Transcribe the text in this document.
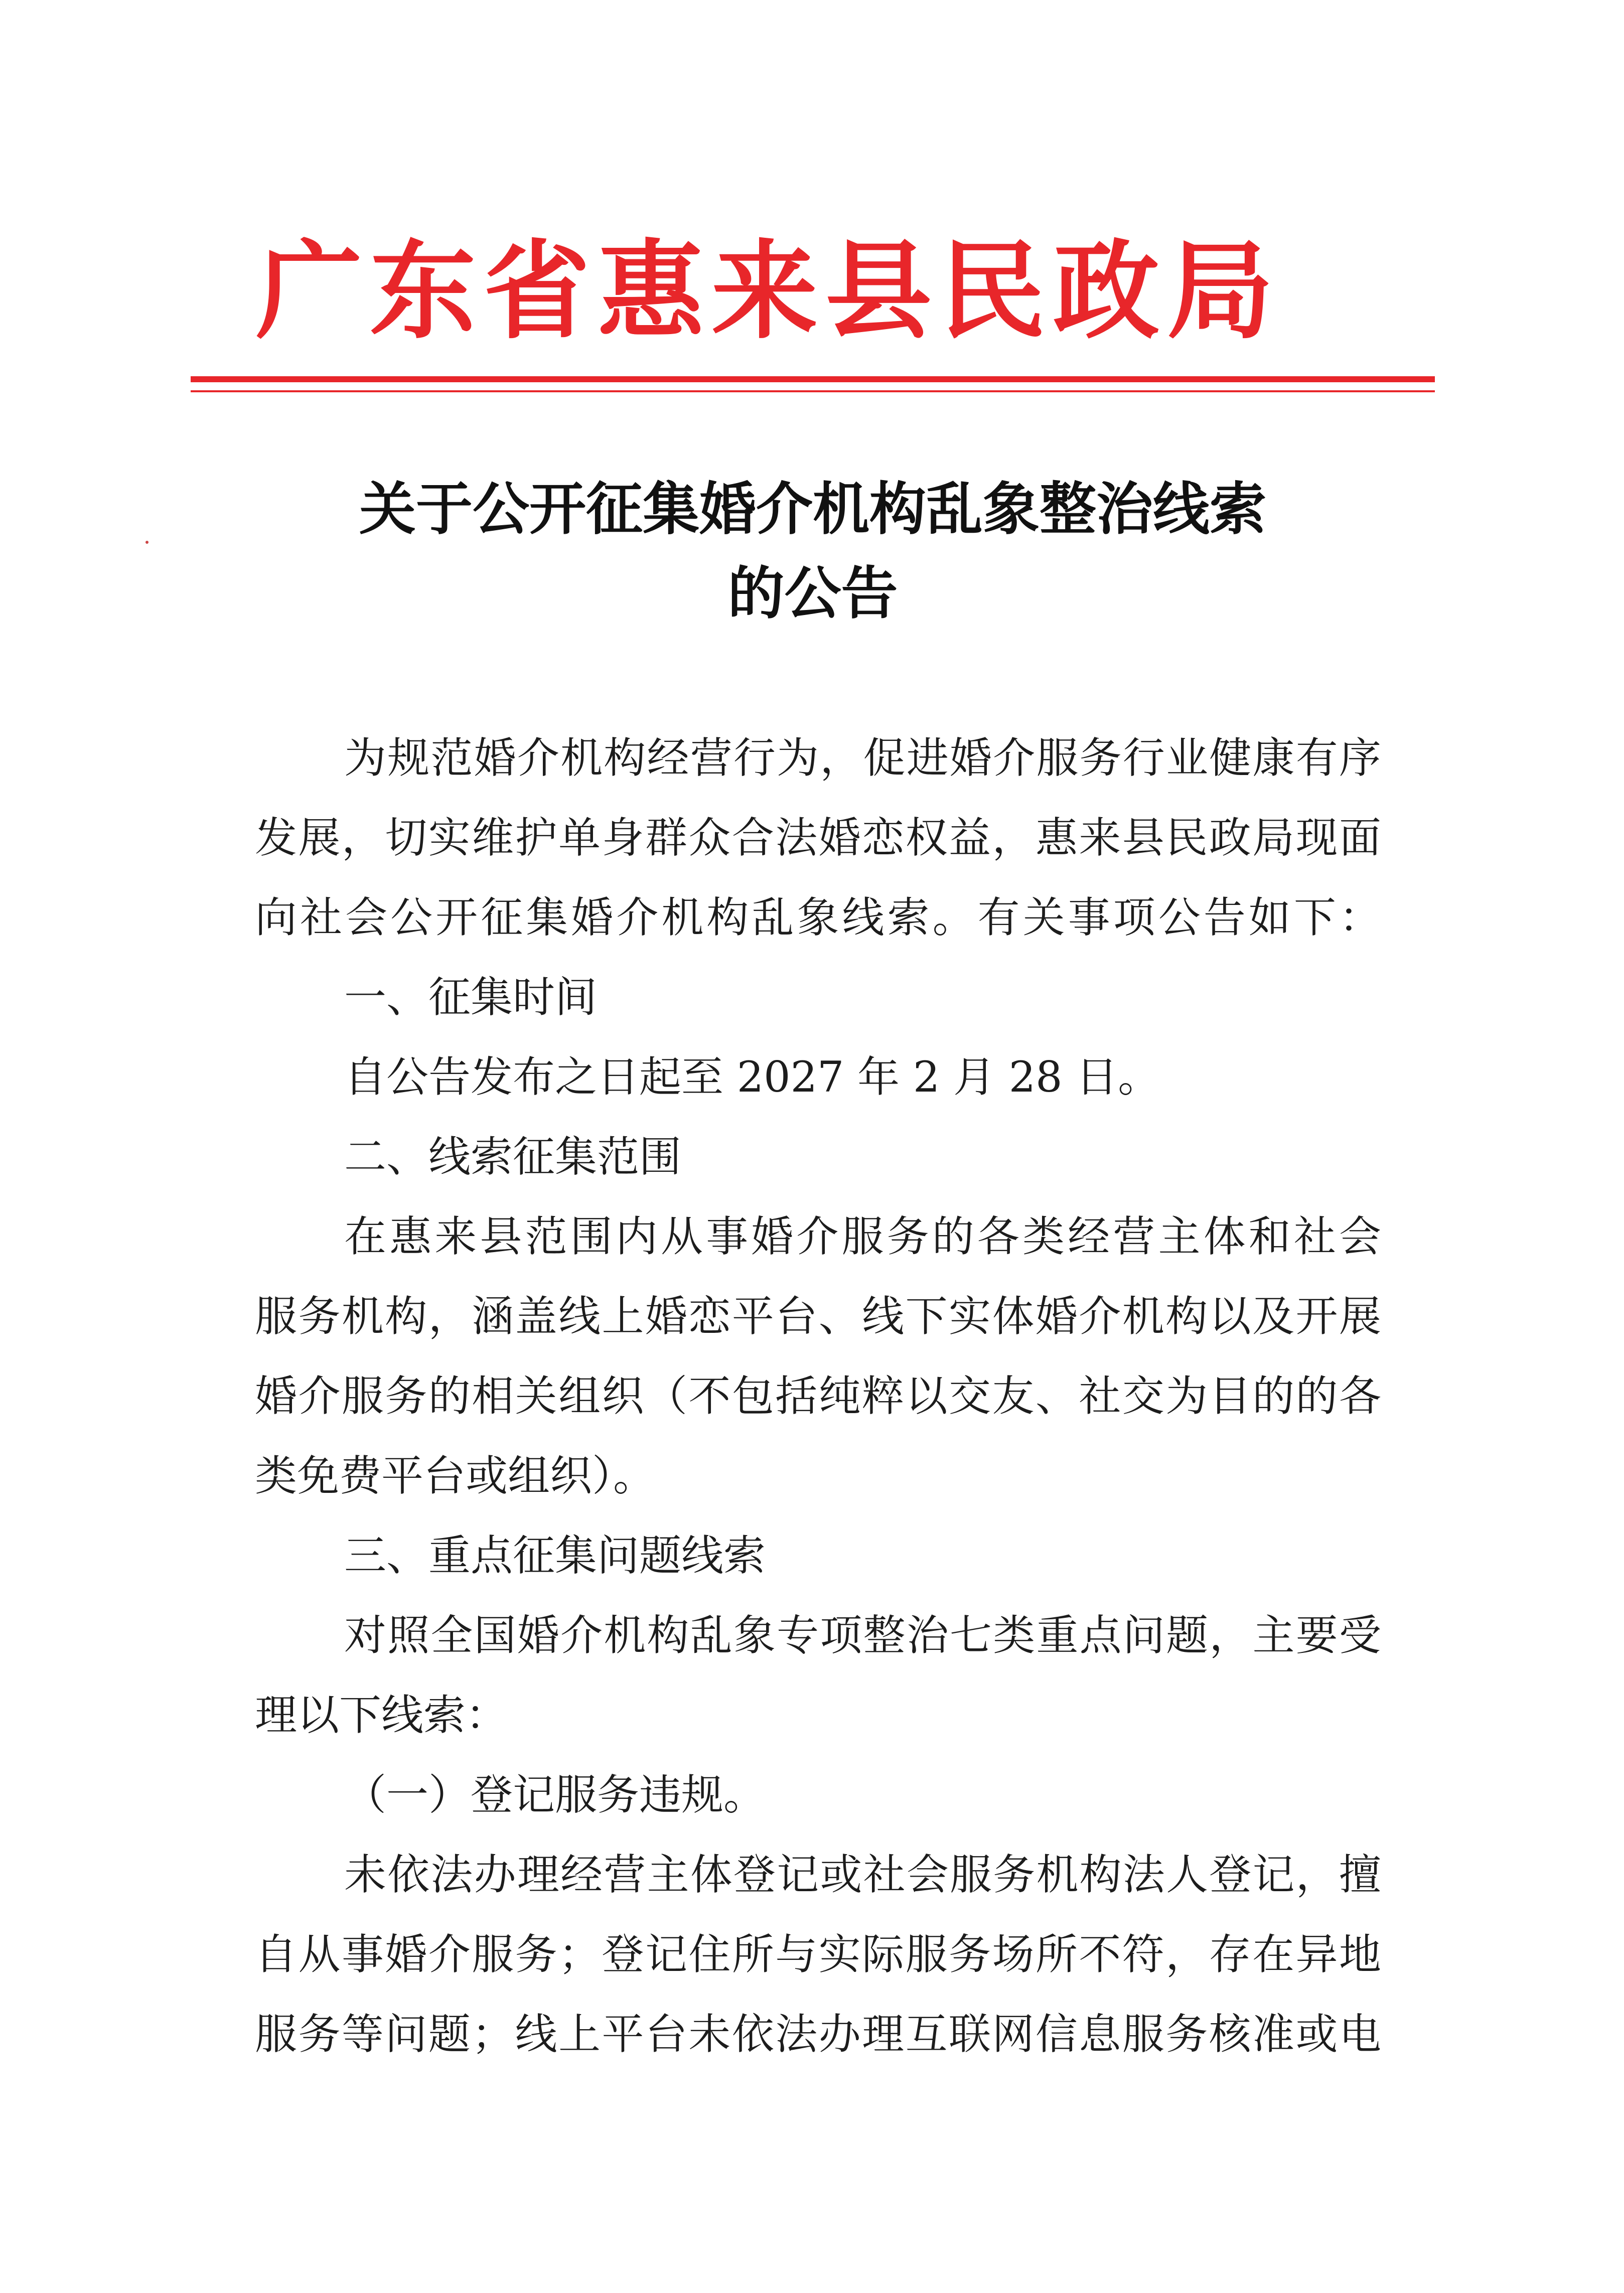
广东省惠来县民政局
关于公开征集婚介机构乱象整治线索
的公告

为规范婚介机构经营行为，促进婚介服务行业健康有序

发展，切实维护单身群众合法婚恋权益，惠来县民政局现面

向社会公开征集婚介机构乱象线索。有关事项公告如下：

一、征集时间

自公告发布之日起至 2027 年 2 月 28 日。

二、线索征集范围

在惠来县范围内从事婚介服务的各类经营主体和社会

服务机构，涵盖线上婚恋平台、线下实体婚介机构以及开展

婚介服务的相关组织（不包括纯粹以交友、社交为目的的各

类免费平台或组织）。

三、重点征集问题线索

对照全国婚介机构乱象专项整治七类重点问题，主要受

理以下线索：

（一）登记服务违规。

未依法办理经营主体登记或社会服务机构法人登记，擅

自从事婚介服务；登记住所与实际服务场所不符，存在异地

服务等问题；线上平台未依法办理互联网信息服务核准或电
